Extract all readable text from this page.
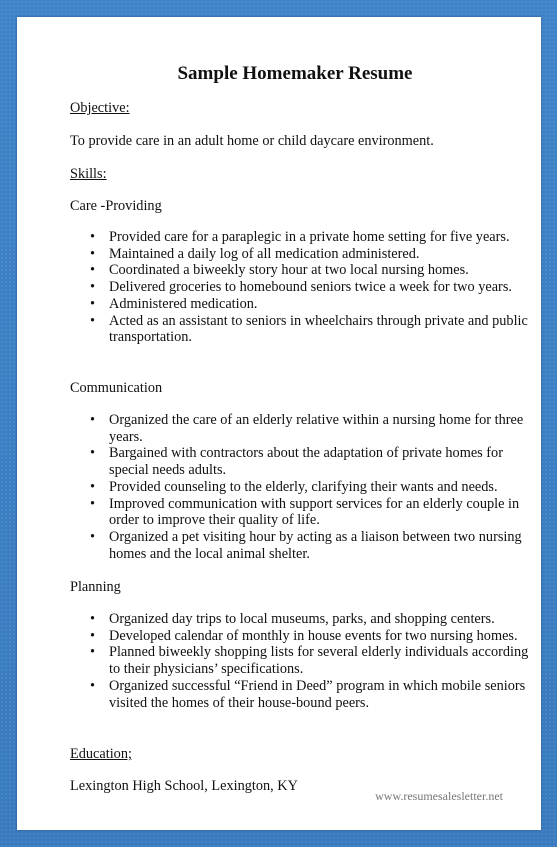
Sample Homemaker Resume
Objective:
To provide care in an adult home or child daycare environment.
Skills:
Care -Providing
• Provided care for a paraplegic in a private home setting for five years.
• Maintained a daily log of all medication administered.
• Coordinated a biweekly story hour at two local nursing homes.
• Delivered groceries to homebound seniors twice a week for two years.
• Administered medication.
• Acted as an assistant to seniors in wheelchairs through private and public transportation.
Communication
• Organized the care of an elderly relative within a nursing home for three years.
• Bargained with contractors about the adaptation of private homes for special needs adults.
• Provided counseling to the elderly, clarifying their wants and needs.
• Improved communication with support services for an elderly couple in order to improve their quality of life.
• Organized a pet visiting hour by acting as a liaison between two nursing homes and the local animal shelter.
Planning
• Organized day trips to local museums, parks, and shopping centers.
• Developed calendar of monthly in house events for two nursing homes.
• Planned biweekly shopping lists for several elderly individuals according to their physicians’ specifications.
• Organized successful “Friend in Deed” program in which mobile seniors visited the homes of their house-bound peers.
Education;
Lexington High School, Lexington, KY
www.resumesalesletter.net
